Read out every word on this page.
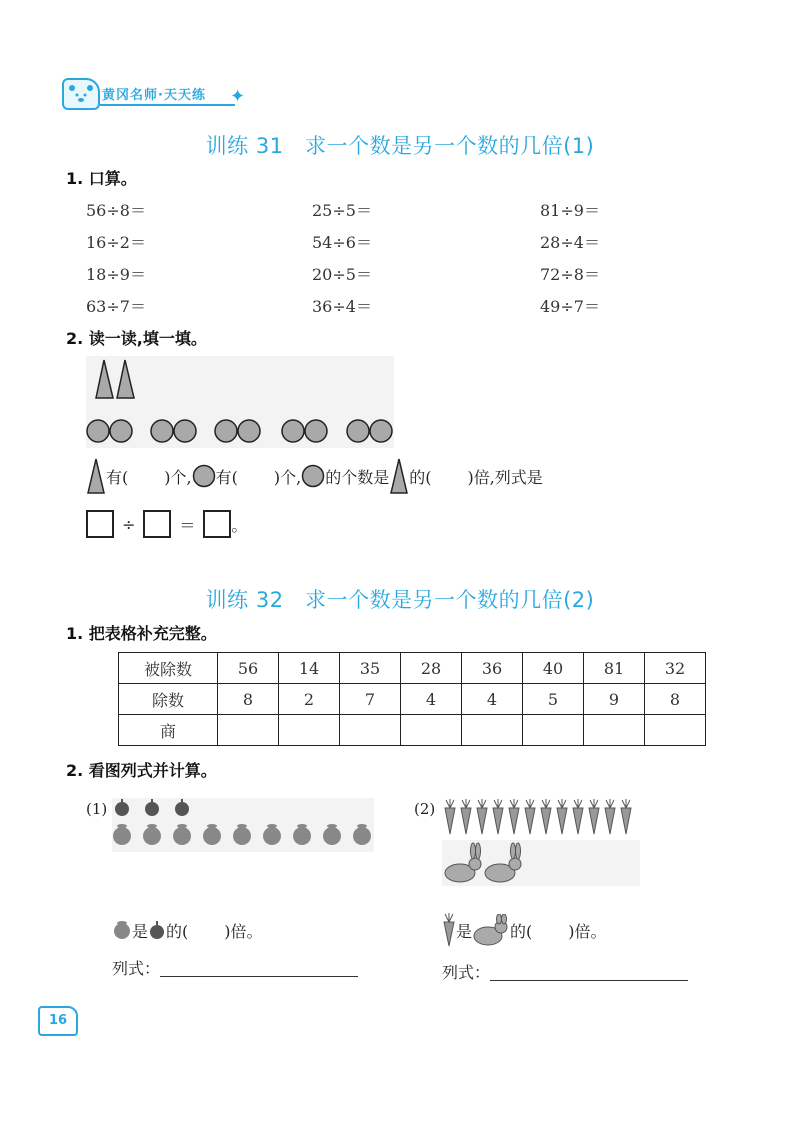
黄冈名师·天天练 ✦
训练 31　求一个数是另一个数的几倍(1)
1. 口算。
56÷8＝	25÷5＝	81÷9＝
16÷2＝	54÷6＝	28÷4＝
18÷9＝	20÷5＝	72÷8＝
63÷7＝	36÷4＝	49÷7＝
2. 读一读,填一填。
有( )个, 有( )个, 的个数是 的( )倍,列式是
÷	＝ 。
训练 32　求一个数是另一个数的几倍(2)
1. 把表格补充完整。
被除数	56	14	35	28	36	40	81	32
除数	8	2	7	4	4	5	9	8
商								
2. 看图列式并计算。
(1)
是 的( )倍。
列式：
(2)
是 的( )倍。
列式：
16
